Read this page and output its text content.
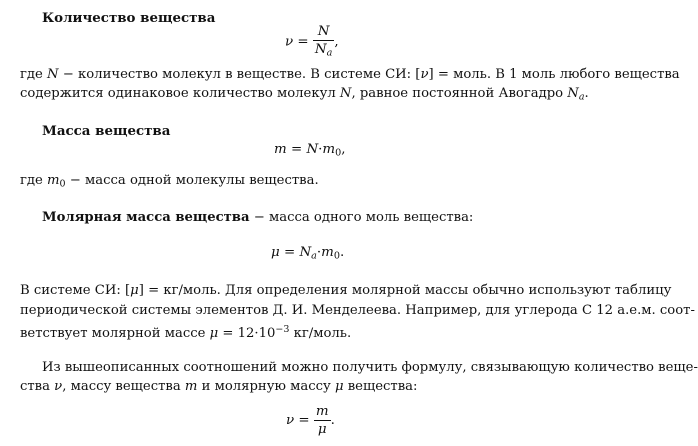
Количество вещества
$\nu = \frac{N}{N_a}$ ,
где N − количество молекул в веществе. В системе СИ: [ν] = моль. В 1 моль любого вещества
содержится одинаковое количество молекул N, равное постоянной Авогадро $N_a$.
Масса вещества
$m = N\cdot m_0$,
где $m_0$ − масса одной молекулы вещества.
Молярная масса вещества − масса одного моль вещества:
$\mu = N_a\cdot m_0$.
В системе СИ: [μ] = кг/моль. Для определения молярной массы обычно используют таблицу
периодической системы элементов Д. И. Менделеева. Например, для углерода С 12 а.е.м. соот-
ветствует молярной массе $\mu = 12\cdot 10^{-3}$ кг/моль.
Из вышеописанных соотношений можно получить формулу, связывающую количество веще-
ства ν, массу вещества m и молярную массу μ вещества:
$\nu = \frac{m}{\mu}$ .
